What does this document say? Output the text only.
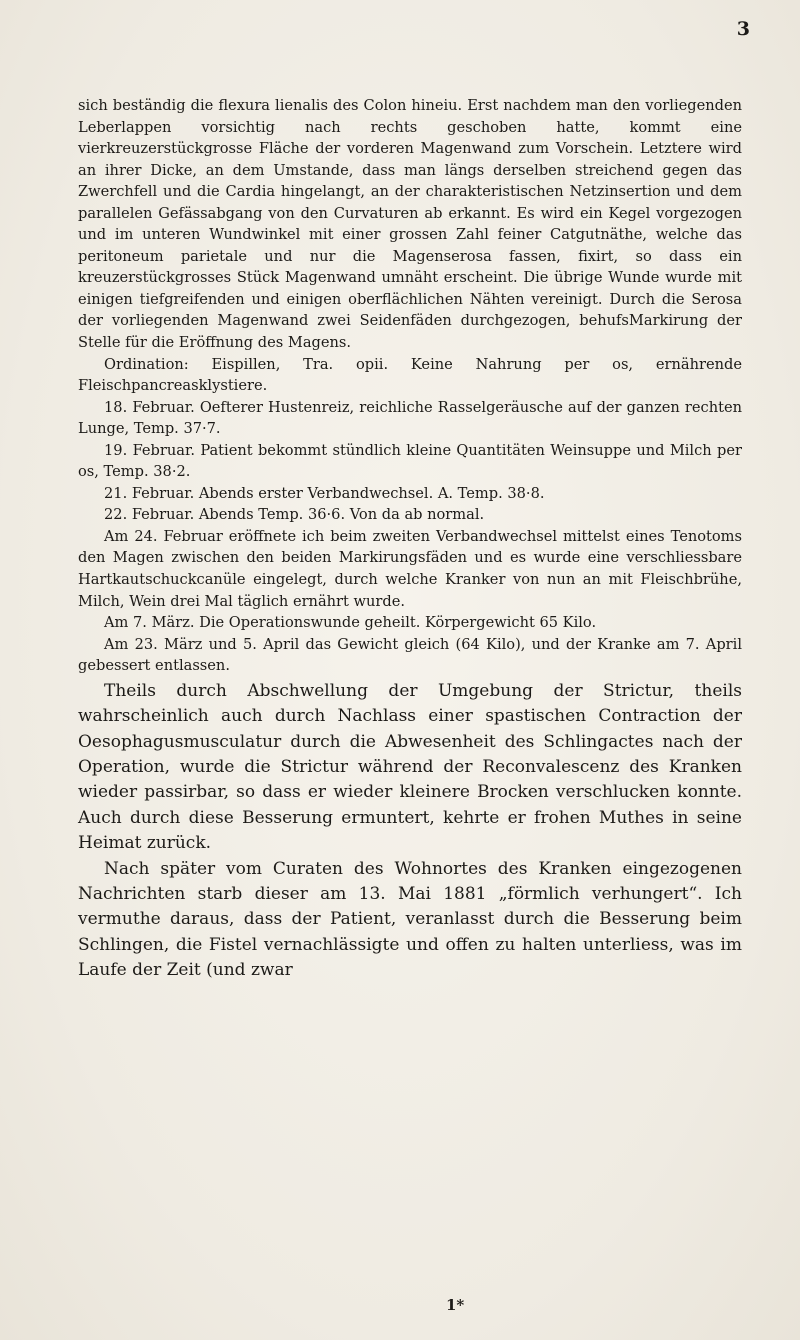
3

sich beständig die flexura lienalis des Colon hineiu. Erst nachdem man den vorliegenden Leberlappen vorsichtig nach rechts geschoben hatte, kommt eine vierkreuzerstückgrosse Fläche der vorderen Magenwand zum Vorschein. Letztere wird an ihrer Dicke, an dem Umstande, dass man längs derselben streichend gegen das Zwerchfell und die Cardia hingelangt, an der charakteristischen Netzinsertion und dem parallelen Gefässabgang von den Curvaturen ab erkannt. Es wird ein Kegel vorgezogen und im unteren Wundwinkel mit einer grossen Zahl feiner Catgutnäthe, welche das peritoneum parietale und nur die Magenserosa fassen, fixirt, so dass ein kreuzerstückgrosses Stück Magenwand umnäht erscheint. Die übrige Wunde wurde mit einigen tiefgreifenden und einigen oberflächlichen Nähten vereinigt. Durch die Serosa der vorliegenden Magenwand zwei Seidenfäden durchgezogen, behufsMarkirung der Stelle für die Eröffnung des Magens.

Ordination: Eispillen, Tra. opii. Keine Nahrung per os, ernährende Fleischpancreasklystiere.

18. Februar. Oefterer Hustenreiz, reichliche Rasselgeräusche auf der ganzen rechten Lunge, Temp. 37·7.

19. Februar. Patient bekommt stündlich kleine Quantitäten Weinsuppe und Milch per os, Temp. 38·2.

21. Februar. Abends erster Verbandwechsel. A. Temp. 38·8.

22. Februar. Abends Temp. 36·6. Von da ab normal.

Am 24. Februar eröffnete ich beim zweiten Verbandwechsel mittelst eines Tenotoms den Magen zwischen den beiden Markirungsfäden und es wurde eine verschliessbare Hartkautschuckcanüle eingelegt, durch welche Kranker von nun an mit Fleischbrühe, Milch, Wein drei Mal täglich ernährt wurde.

Am 7. März. Die Operationswunde geheilt. Körpergewicht 65 Kilo.

Am 23. März und 5. April das Gewicht gleich (64 Kilo), und der Kranke am 7. April gebessert entlassen.

Theils durch Abschwellung der Umgebung der Strictur, theils wahrscheinlich auch durch Nachlass einer spastischen Contraction der Oesophagusmusculatur durch die Abwesenheit des Schlingactes nach der Operation, wurde die Strictur während der Reconvalescenz des Kranken wieder passirbar, so dass er wieder kleinere Brocken verschlucken konnte. Auch durch diese Besserung ermuntert, kehrte er frohen Muthes in seine Heimat zurück.

Nach später vom Curaten des Wohnortes des Kranken eingezogenen Nachrichten starb dieser am 13. Mai 1881 „förmlich verhungert“. Ich vermuthe daraus, dass der Patient, veranlasst durch die Besserung beim Schlingen, die Fistel vernachlässigte und offen zu halten unterliess, was im Laufe der Zeit (und zwar

1*
